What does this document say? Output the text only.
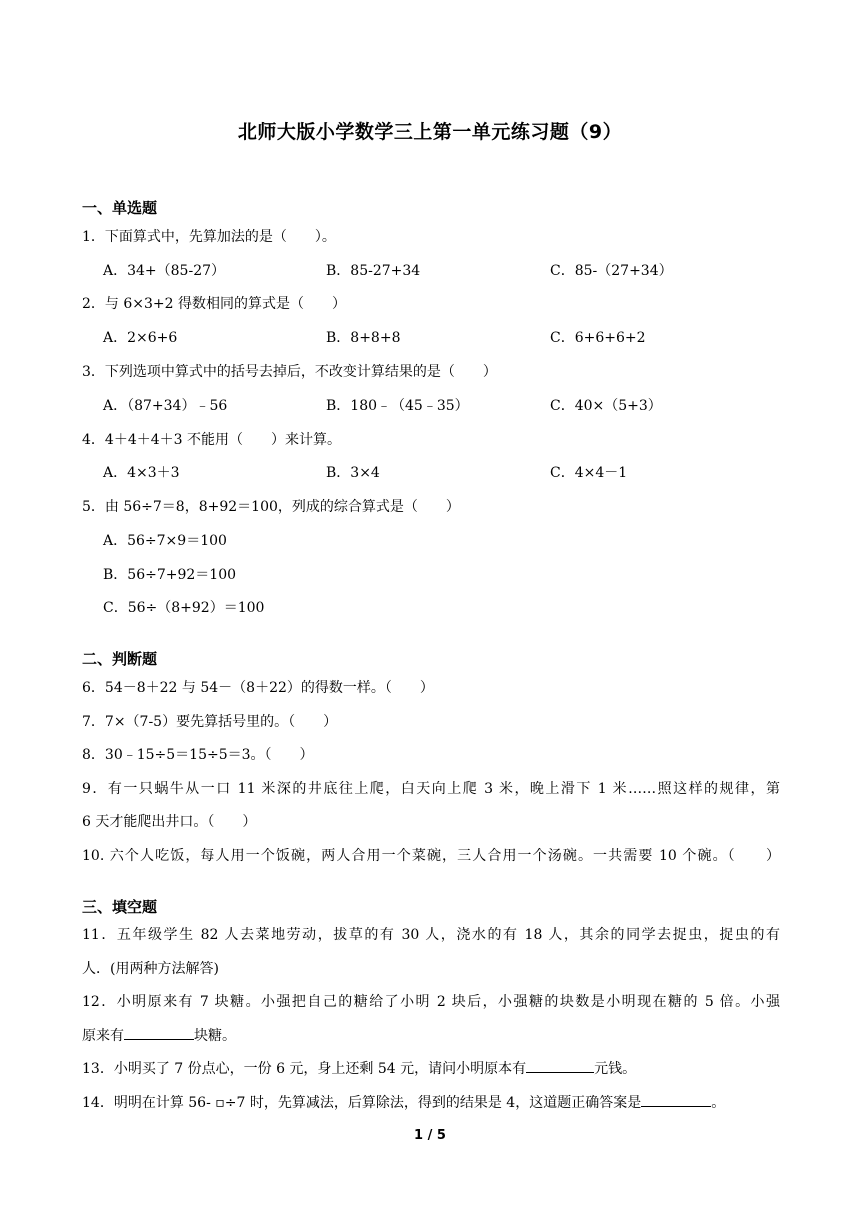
北师大版小学数学三上第一单元练习题（9）
一、单选题
1．下面算式中，先算加法的是（　　）。
A．34+（85-27）	B．85-27+34	C．85-（27+34）
2．与 6×3+2 得数相同的算式是（　　）
A．2×6+6	B．8+8+8	C．6+6+6+2
3．下列选项中算式中的括号去掉后，不改变计算结果的是（　　）
A．（87+34）﹣56	B．180﹣（45﹣35）	C．40×（5+3）
4．4＋4＋4＋3 不能用（　　）来计算。
A．4×3＋3	B．3×4	C．4×4－1
5．由 56÷7＝8，8+92＝100，列成的综合算式是（　　）
A．56÷7×9＝100
B．56÷7+92＝100
C．56÷（8+92）＝100
二、判断题
6．54－8＋22 与 54－（8＋22）的得数一样。（　　）
7．7×（7-5）要先算括号里的。（　　）
8．30﹣15÷5＝15÷5＝3。（　　）
9．有一只蜗牛从一口 11 米深的井底往上爬，白天向上爬 3 米，晚上滑下 1 米……照这样的规律，第
6 天才能爬出井口。（　　）
10. 六个人吃饭，每人用一个饭碗，两人合用一个菜碗，三人合用一个汤碗。一共需要 10 个碗。（　　）
三、填空题
11．五年级学生 82 人去菜地劳动，拔草的有 30 人，浇水的有 18 人，其余的同学去捉虫，捉虫的有
人．(用两种方法解答)
12．小明原来有 7 块糖。小强把自己的糖给了小明 2 块后，小强糖的块数是小明现在糖的 5 倍。小强
原来有	块糖。
13．小明买了 7 份点心，一份 6 元，身上还剩 54 元，请问小明原本有	元钱。
14．明明在计算 56- ▫÷7 时，先算减法，后算除法，得到的结果是 4，这道题正确答案是	。
1 / 5
